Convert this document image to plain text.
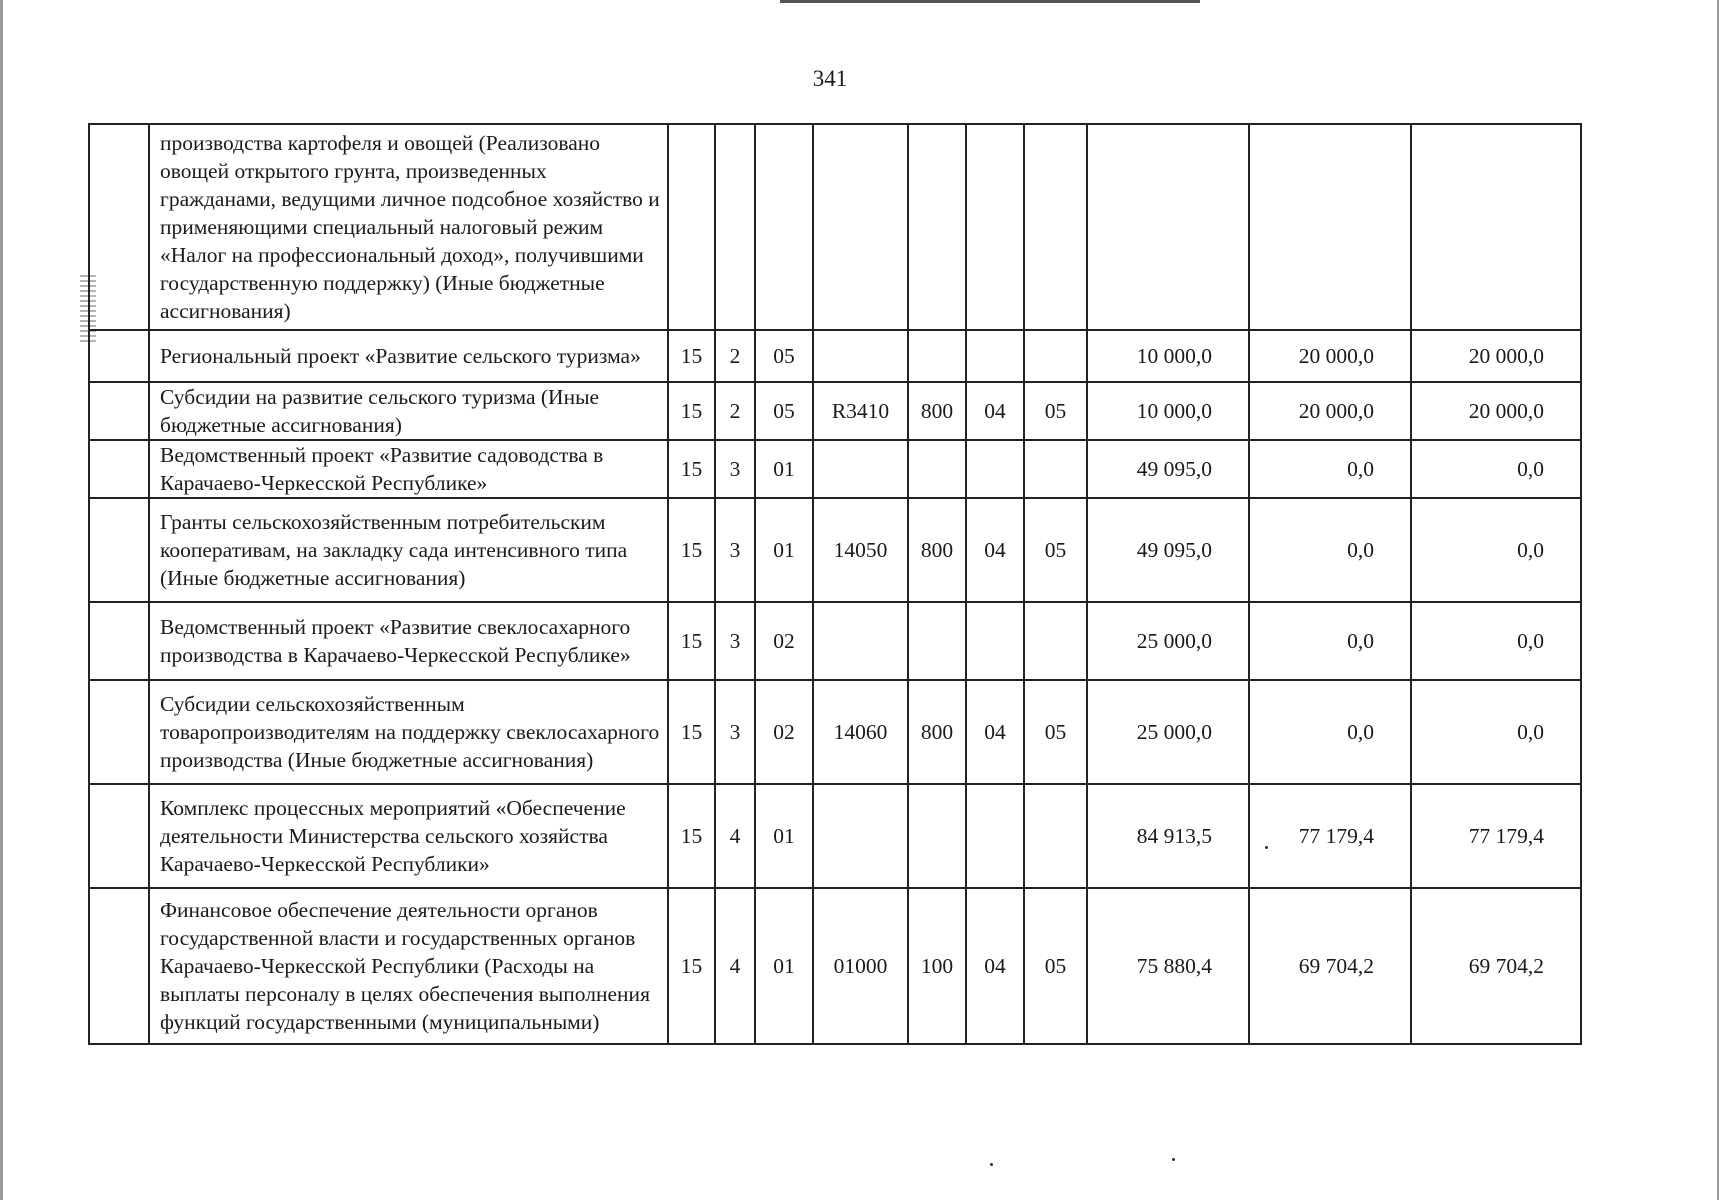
341
	производства картофеля и овощей (Реализовано овощей открытого грунта, произведенных гражданами, ведущими личное подсобное хозяйство и применяющими специальный налоговый режим «Налог на профессиональный доход», получившими государственную поддержку) (Иные бюджетные ассигнования)										
	Региональный проект «Развитие сельского туризма»	15	2	05					10 000,0	20 000,0	20 000,0
	Субсидии на развитие сельского туризма (Иные бюджетные ассигнования)	15	2	05	R3410	800	04	05	10 000,0	20 000,0	20 000,0
	Ведомственный проект «Развитие садоводства в Карачаево-Черкесской Республике»	15	3	01					49 095,0	0,0	0,0
	Гранты сельскохозяйственным потребительским кооперативам, на закладку сада интенсивного типа (Иные бюджетные ассигнования)	15	3	01	14050	800	04	05	49 095,0	0,0	0,0
	Ведомственный проект «Развитие свеклосахарного производства в Карачаево-Черкесской Республике»	15	3	02					25 000,0	0,0	0,0
	Субсидии сельскохозяйственным товаропроизводителям на поддержку свеклосахарного производства (Иные бюджетные ассигнования)	15	3	02	14060	800	04	05	25 000,0	0,0	0,0
	Комплекс процессных мероприятий «Обеспечение деятельности Министерства сельского хозяйства Карачаево-Черкесской Республики»	15	4	01					84 913,5	77 179,4	77 179,4
	Финансовое обеспечение деятельности органов государственной власти и государственных органов Карачаево-Черкесской Республики (Расходы на выплаты персоналу в целях обеспечения выполнения функций государственными (муниципальными)	15	4	01	01000	100	04	05	75 880,4	69 704,2	69 704,2
